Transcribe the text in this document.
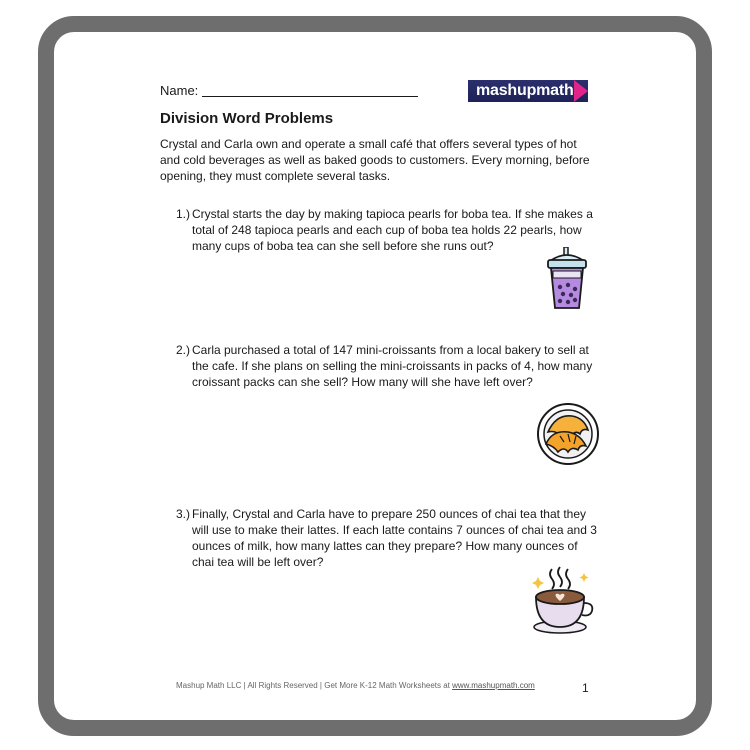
Name:	mashupmath
Division Word Problems
Crystal and Carla own and operate a small café that offers several types of hot and cold beverages as well as baked goods to customers. Every morning, before opening, they must complete several tasks.
1.) Crystal starts the day by making tapioca pearls for boba tea. If she makes a total of 248 tapioca pearls and each cup of boba tea holds 22 pearls, how many cups of boba tea can she sell before she runs out?
2.) Carla purchased a total of 147 mini-croissants from a local bakery to sell at the cafe. If she plans on selling the mini-croissants in packs of 4, how many croissant packs can she sell? How many will she have left over?
3.) Finally, Crystal and Carla have to prepare 250 ounces of chai tea that they will use to make their lattes. If each latte contains 7 ounces of chai tea and 3 ounces of milk, how many lattes can they prepare? How many ounces of chai tea will be left over?
Mashup Math LLC | All Rights Reserved | Get More K-12 Math Worksheets at www.mashupmath.com	1
